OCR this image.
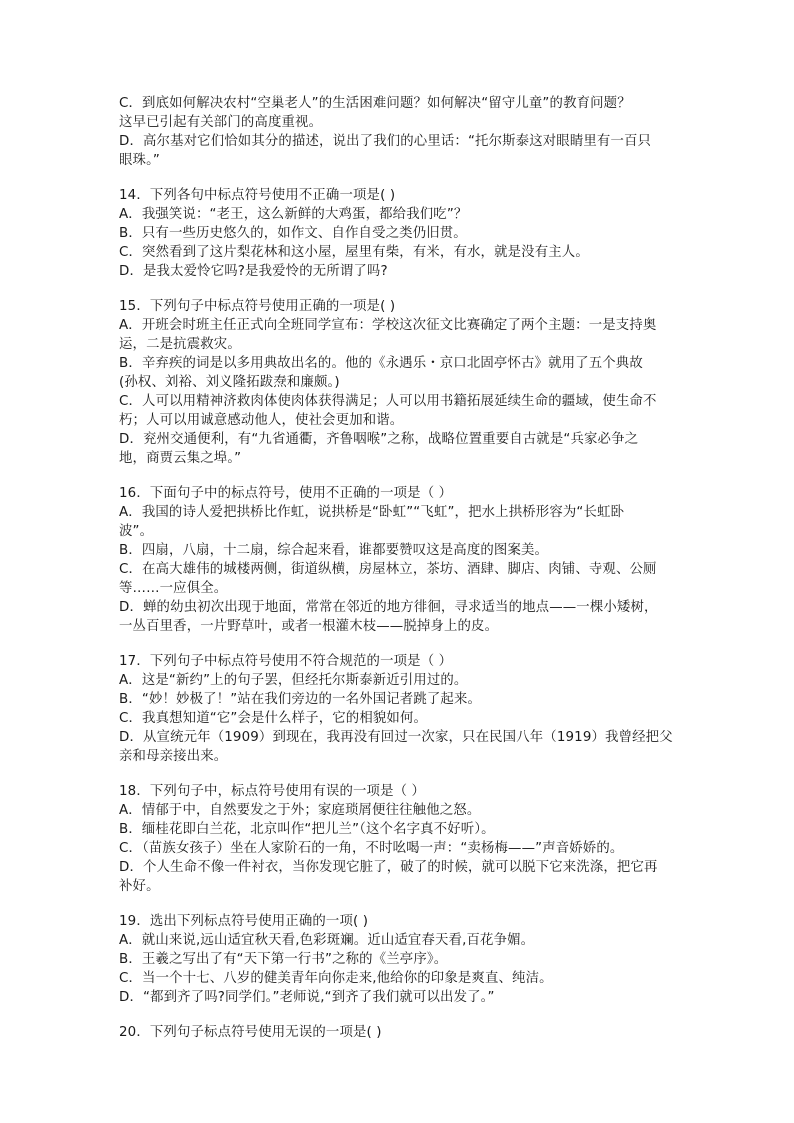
C．到底如何解决农村“空巢老人”的生活困难问题？如何解决“留守儿童”的教育问题？
这早已引起有关部门的高度重视。
D．高尔基对它们恰如其分的描述，说出了我们的心里话：“托尔斯泰这对眼睛里有一百只
眼珠。”
14．下列各句中标点符号使用不正确一项是( )
A．我强笑说：“老王，这么新鲜的大鸡蛋，都给我们吃”？
B．只有一些历史悠久的，如作文、自作自受之类仍旧贯。
C．突然看到了这片梨花林和这小屋，屋里有柴，有米，有水，就是没有主人。
D．是我太爱怜它吗?是我爱怜的无所谓了吗?
15．下列句子中标点符号使用正确的一项是( )
A．开班会时班主任正式向全班同学宣布：学校这次征文比赛确定了两个主题：一是支持奥
运，二是抗震救灾。
B．辛弃疾的词是以多用典故出名的。他的《永遇乐・京口北固亭怀古》就用了五个典故
(孙权、刘裕、刘义隆拓跋焘和廉颇。)
C．人可以用精神济救肉体使肉体获得满足；人可以用书籍拓展延续生命的疆域，使生命不
朽；人可以用诚意感动他人，使社会更加和谐。
D．兖州交通便利，有“九省通衢，齐鲁咽喉”之称，战略位置重要自古就是“兵家必争之
地，商贾云集之埠。”
16．下面句子中的标点符号，使用不正确的一项是（ ）
A．我国的诗人爱把拱桥比作虹，说拱桥是“卧虹”“飞虹”，把水上拱桥形容为“长虹卧
波”。
B．四扇，八扇，十二扇，综合起来看，谁都要赞叹这是高度的图案美。
C．在高大雄伟的城楼两侧，街道纵横，房屋林立，茶坊、酒肆、脚店、肉铺、寺观、公厕
等……一应俱全。
D．蝉的幼虫初次出现于地面，常常在邻近的地方徘徊，寻求适当的地点——一棵小矮树，
一丛百里香，一片野草叶，或者一根灌木枝——脱掉身上的皮。
17．下列句子中标点符号使用不符合规范的一项是（ ）
A．这是“新约”上的句子罢，但经托尔斯泰新近引用过的。
B．“妙！妙极了！”站在我们旁边的一名外国记者跳了起来。
C．我真想知道“它”会是什么样子，它的相貌如何。
D．从宣统元年（1909）到现在，我再没有回过一次家，只在民国八年（1919）我曾经把父
亲和母亲接出来。
18．下列句子中，标点符号使用有误的一项是（ ）
A．情郁于中，自然要发之于外；家庭琐屑便往往触他之怒。
B．缅桂花即白兰花，北京叫作“把儿兰”（这个名字真不好听）。
C．（苗族女孩子）坐在人家阶石的一角，不时吆喝一声：“卖杨梅——”声音娇娇的。
D．个人生命不像一件衬衣，当你发现它脏了，破了的时候，就可以脱下它来洗涤，把它再
补好。
19．选出下列标点符号使用正确的一项( )
A．就山来说,远山适宜秋天看,色彩斑斓。近山适宜春天看,百花争媚。
B．王羲之写出了有“天下第一行书”之称的《兰亭序》。
C．当一个十七、八岁的健美青年向你走来,他给你的印象是爽直、纯洁。
D．“都到齐了吗?同学们。”老师说,“到齐了我们就可以出发了。”
20．下列句子标点符号使用无误的一项是( )
